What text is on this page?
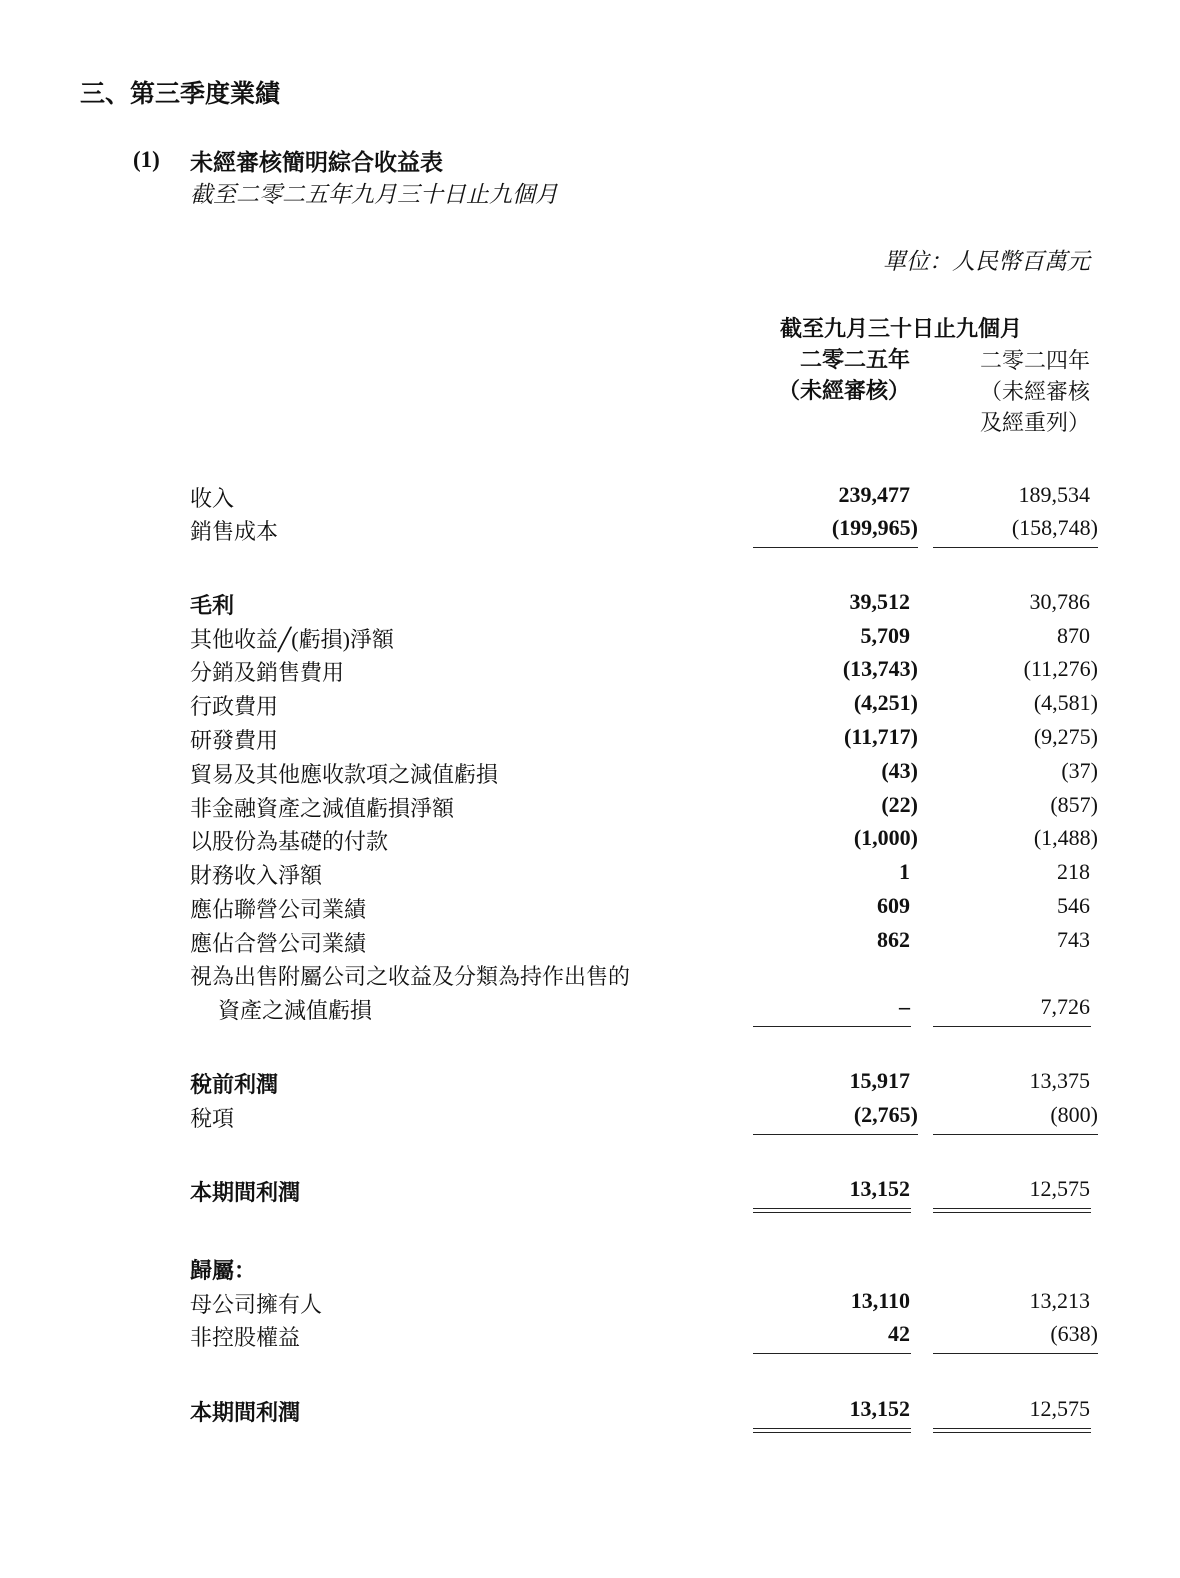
三、第三季度業績
(1) 未經審核簡明綜合收益表
截至二零二五年九月三十日止九個月
單位：人民幣百萬元
截至九月三十日止九個月
二零二五年
（未經審核）
二零二四年
（未經審核
及經重列）
收入	239,477	189,534
銷售成本	(199,965)	(158,748)
毛利	39,512	30,786
其他收益╱(虧損)淨額	5,709	870
分銷及銷售費用	(13,743)	(11,276)
行政費用	(4,251)	(4,581)
研發費用	(11,717)	(9,275)
貿易及其他應收款項之減值虧損	(43)	(37)
非金融資產之減值虧損淨額	(22)	(857)
以股份為基礎的付款	(1,000)	(1,488)
財務收入淨額	1	218
應佔聯營公司業績	609	546
應佔合營公司業績	862	743
視為出售附屬公司之收益及分類為持作出售的
資產之減值虧損	–	7,726
稅前利潤	15,917	13,375
稅項	(2,765)	(800)
本期間利潤	13,152	12,575
歸屬：
母公司擁有人	13,110	13,213
非控股權益	42	(638)
本期間利潤	13,152	12,575
